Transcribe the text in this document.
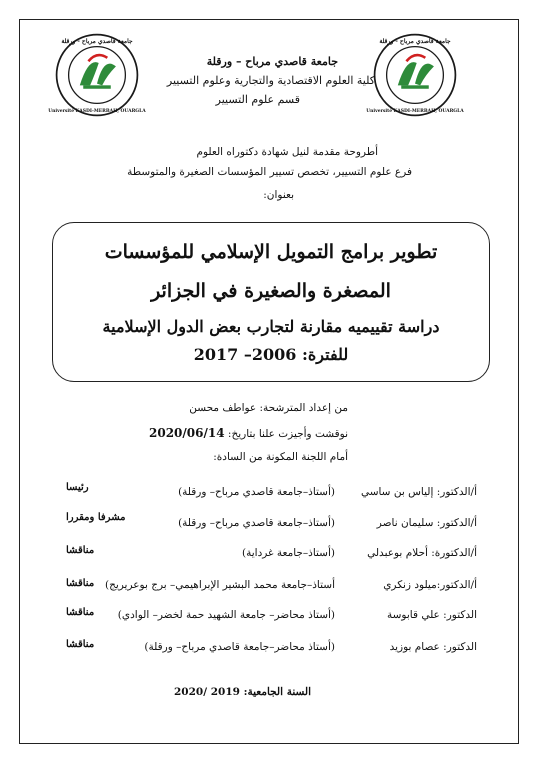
جامعة قاصدي مرباح - ورقلة
Université KASDI-MERBAH, OUARGLA
جامعة قاصدي مرباح - ورقلة
Université KASDI-MERBAH, OUARGLA
جامعة قاصدي مرباح – ورقلة
كلية العلوم الاقتصادية والتجارية وعلوم التسيير
قسم علوم التسيير
أطروحة مقدمة لنيل شهادة دكتوراه العلوم
فرع علوم التسيير، تخصص تسيير المؤسسات الصغيرة والمتوسطة
بعنوان:
تطوير برامج التمويل الإسلامي للمؤسسات
المصغرة والصغيرة في الجزائر
دراسة تقييميه مقارنة لتجارب بعض الدول الإسلامية
للفترة: 2006– 2017
من إعداد المترشحة: عواطف محسن
نوقشت وأجيزت علنا بتاريخ: 2020/06/14
أمام اللجنة المكونة من السادة:
أ/الدكتور: إلياس بن ساسي
(أستاذ–جامعة قاصدي مرباح– ورقلة)
رئيسا
أ/الدكتور: سليمان ناصر
(أستاذ–جامعة قاصدي مرباح– ورقلة)
مشرفا ومقررا
أ/الدكتورة: أحلام بوعبدلي
(أستاذ–جامعة غرداية)
مناقشا
أ/الدكتور:ميلود زنكري
أستاذ–جامعة محمد البشير الإبراهيمي– برج بوعريريج)
مناقشا
الدكتور: علي قابوسة
(أستاذ محاضر– جامعة الشهيد حمة لخضر– الوادي)
مناقشا
الدكتور: عصام بوزيد
(أستاذ محاضر–جامعة قاصدي مرباح– ورقلة)
مناقشا
السنة الجامعية: 2019 /2020
